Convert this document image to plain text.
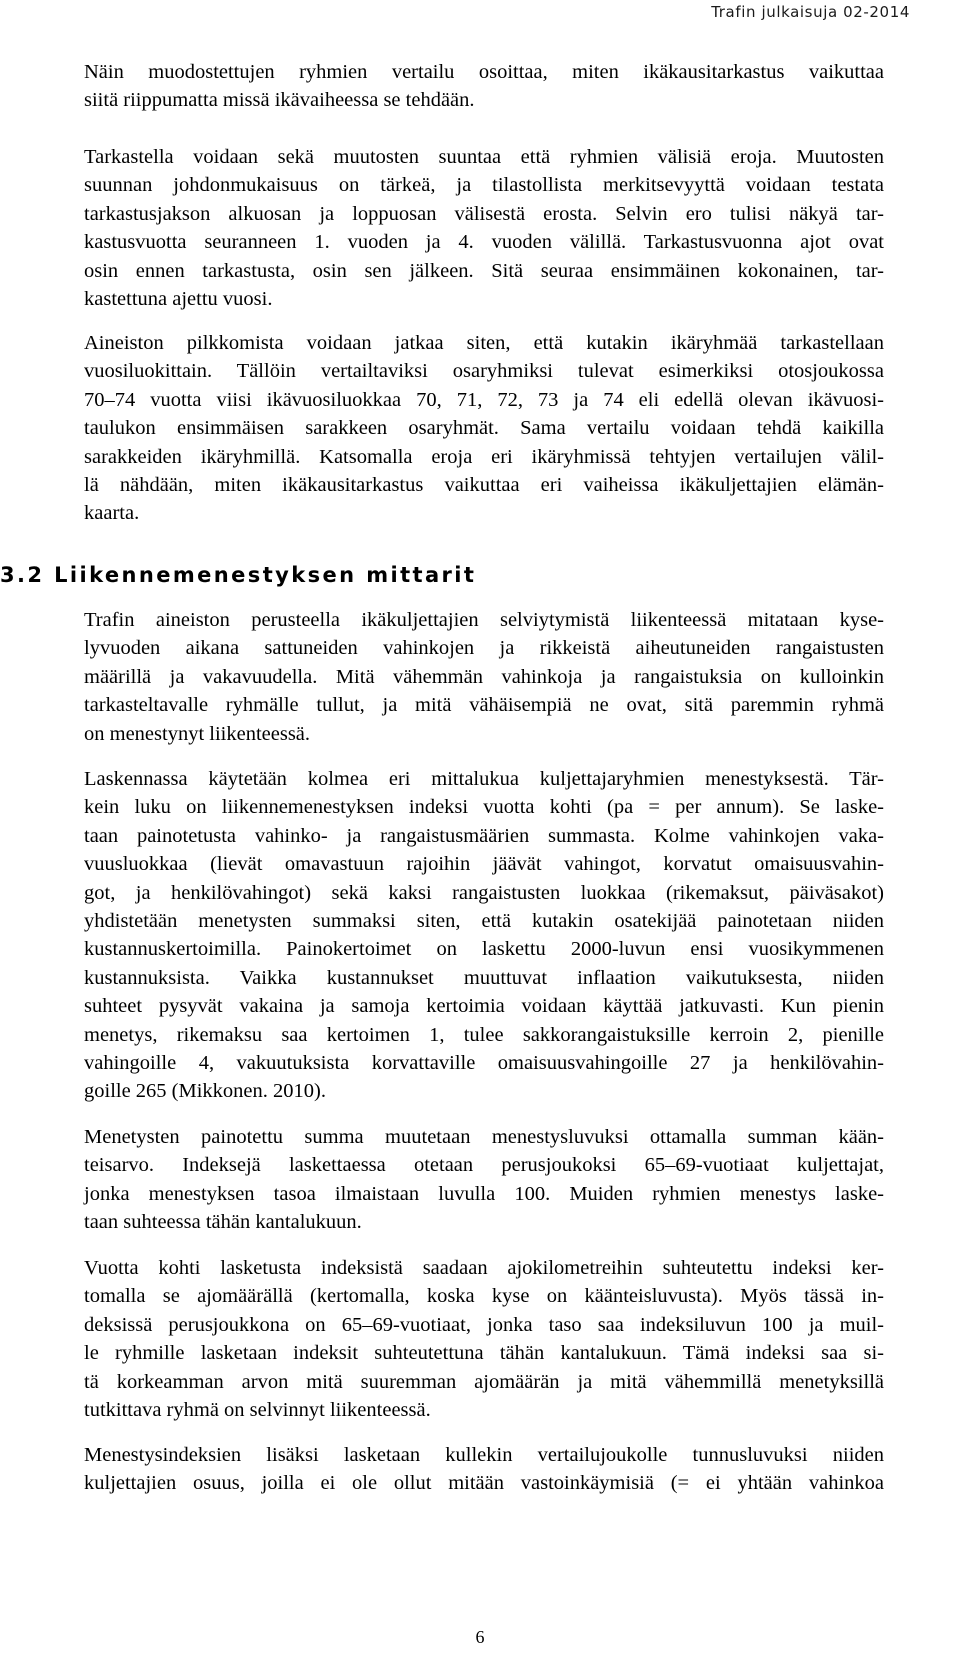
Trafin julkaisuja 02-2014

Näin muodostettujen ryhmien vertailu osoittaa, miten ikäkausitarkastus vaikuttaa
siitä riippumatta missä ikävaiheessa se tehdään.

Tarkastella voidaan sekä muutosten suuntaa että ryhmien välisiä eroja. Muutosten
suunnan johdonmukaisuus on tärkeä, ja tilastollista merkitsevyyttä voidaan testata
tarkastusjakson alkuosan ja loppuosan välisestä erosta. Selvin ero tulisi näkyä tar-
kastusvuotta seuranneen 1. vuoden ja 4. vuoden välillä. Tarkastusvuonna ajot ovat
osin ennen tarkastusta, osin sen jälkeen. Sitä seuraa ensimmäinen kokonainen, tar-
kastettuna ajettu vuosi.

Aineiston pilkkomista voidaan jatkaa siten, että kutakin ikäryhmää tarkastellaan
vuosiluokittain. Tällöin vertailtaviksi osaryhmiksi tulevat esimerkiksi otosjoukossa
70–74 vuotta viisi ikävuosiluokkaa 70, 71, 72, 73 ja 74 eli edellä olevan ikävuosi-
taulukon ensimmäisen sarakkeen osaryhmät. Sama vertailu voidaan tehdä kaikilla
sarakkeiden ikäryhmillä. Katsomalla eroja eri ikäryhmissä tehtyjen vertailujen välil-
lä nähdään, miten ikäkausitarkastus vaikuttaa eri vaiheissa ikäkuljettajien elämän-
kaarta.

3.2 Liikennemenestyksen mittarit

Trafin aineiston perusteella ikäkuljettajien selviytymistä liikenteessä mitataan kyse-
lyvuoden aikana sattuneiden vahinkojen ja rikkeistä aiheutuneiden rangaistusten
määrillä ja vakavuudella. Mitä vähemmän vahinkoja ja rangaistuksia on kulloinkin
tarkasteltavalle ryhmälle tullut, ja mitä vähäisempiä ne ovat, sitä paremmin ryhmä
on menestynyt liikenteessä.

Laskennassa käytetään kolmea eri mittalukua kuljettajaryhmien menestyksestä. Tär-
kein luku on liikennemenestyksen indeksi vuotta kohti (pa = per annum). Se laske-
taan painotetusta vahinko- ja rangaistusmäärien summasta. Kolme vahinkojen vaka-
vuusluokkaa (lievät omavastuun rajoihin jäävät vahingot, korvatut omaisuusvahin-
got, ja henkilövahingot) sekä kaksi rangaistusten luokkaa (rikemaksut, päiväsakot)
yhdistetään menetysten summaksi siten, että kutakin osatekijää painotetaan niiden
kustannuskertoimilla. Painokertoimet on laskettu 2000-luvun ensi vuosikymmenen
kustannuksista. Vaikka kustannukset muuttuvat inflaation vaikutuksesta, niiden
suhteet pysyvät vakaina ja samoja kertoimia voidaan käyttää jatkuvasti. Kun pienin
menetys, rikemaksu saa kertoimen 1, tulee sakkorangaistuksille kerroin 2, pienille
vahingoille 4, vakuutuksista korvattaville omaisuusvahingoille 27 ja henkilövahin-
goille 265 (Mikkonen. 2010).

Menetysten painotettu summa muutetaan menestysluvuksi ottamalla summan kään-
teisarvo. Indeksejä laskettaessa otetaan perusjoukoksi 65–69-vuotiaat kuljettajat,
jonka menestyksen tasoa ilmaistaan luvulla 100. Muiden ryhmien menestys laske-
taan suhteessa tähän kantalukuun.

Vuotta kohti lasketusta indeksistä saadaan ajokilometreihin suhteutettu indeksi ker-
tomalla se ajomäärällä (kertomalla, koska kyse on käänteisluvusta). Myös tässä in-
deksissä perusjoukkona on 65–69-vuotiaat, jonka taso saa indeksiluvun 100 ja muil-
le ryhmille lasketaan indeksit suhteutettuna tähän kantalukuun. Tämä indeksi saa si-
tä korkeamman arvon mitä suuremman ajomäärän ja mitä vähemmillä menetyksillä
tutkittava ryhmä on selvinnyt liikenteessä.

Menestysindeksien lisäksi lasketaan kullekin vertailujoukolle tunnusluvuksi niiden
kuljettajien osuus, joilla ei ole ollut mitään vastoinkäymisiä (= ei yhtään vahinkoa

6
